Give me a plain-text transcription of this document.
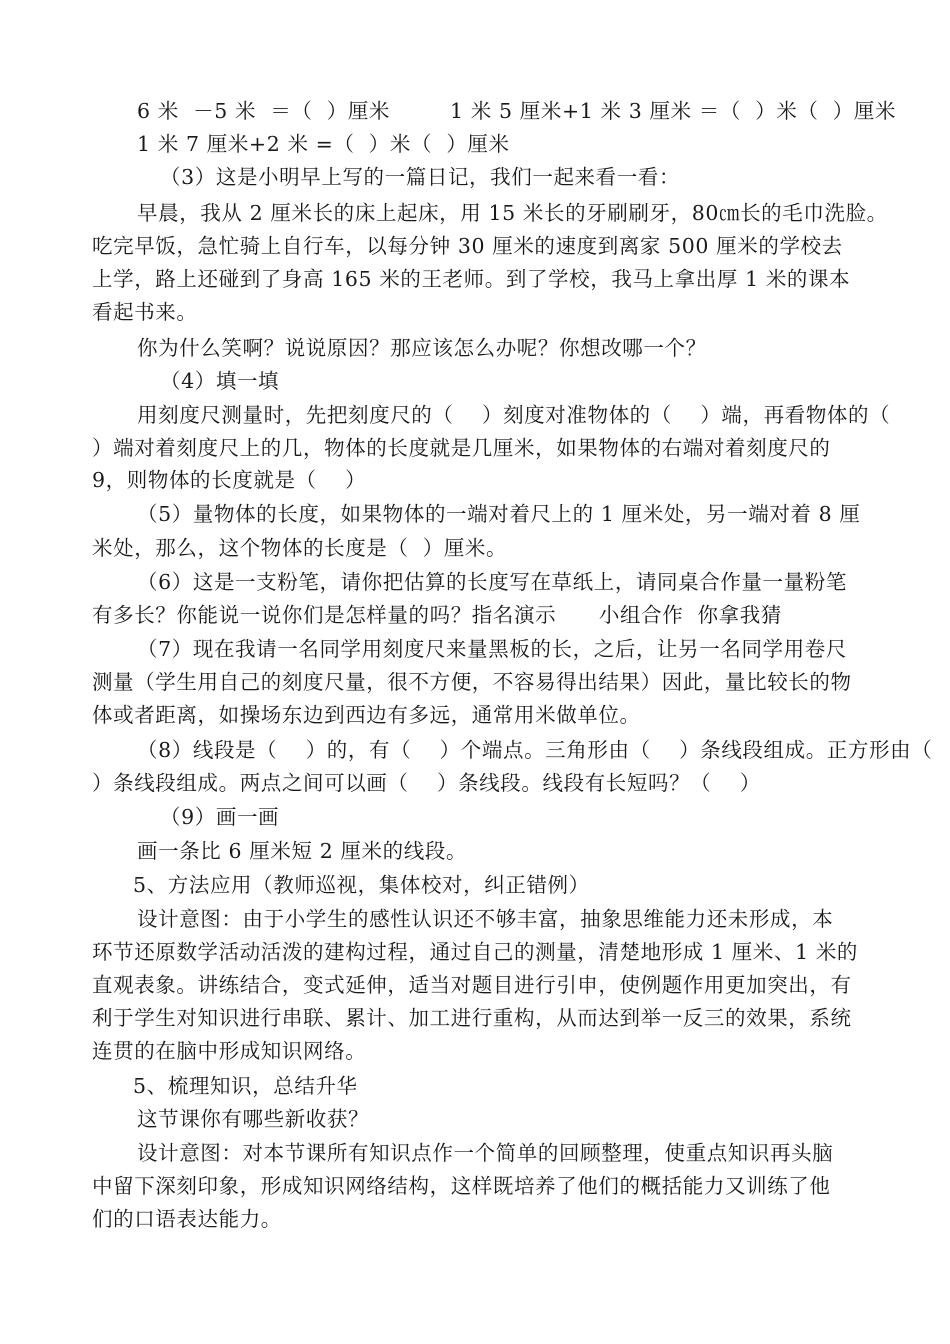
6 米  －5 米  ＝（  ）厘米	1 米 5 厘米+1 米 3 厘米 ＝（  ）米（  ）厘米
1 米 7 厘米+2 米 =（  ）米（  ）厘米
（3）这是小明早上写的一篇日记，我们一起来看一看：
早晨，我从 2 厘米长的床上起床，用 15 米长的牙刷刷牙，80㎝长的毛巾洗脸。
吃完早饭，急忙骑上自行车，以每分钟 30 厘米的速度到离家 500 厘米的学校去
上学，路上还碰到了身高 165 米的王老师。到了学校，我马上拿出厚 1 米的课本
看起书来。
你为什么笑啊？说说原因？那应该怎么办呢？你想改哪一个？
（4）填一填
用刻度尺测量时，先把刻度尺的（    ）刻度对准物体的（    ）端，再看物体的（
）端对着刻度尺上的几，物体的长度就是几厘米，如果物体的右端对着刻度尺的
9，则物体的长度就是（    ）
（5）量物体的长度，如果物体的一端对着尺上的 1 厘米处，另一端对着 8 厘
米处，那么，这个物体的长度是（  ）厘米。
（6）这是一支粉笔，请你把估算的长度写在草纸上，请同桌合作量一量粉笔
有多长？你能说一说你们是怎样量的吗？指名演示      小组合作  你拿我猜
（7）现在我请一名同学用刻度尺来量黑板的长，之后，让另一名同学用卷尺
测量（学生用自己的刻度尺量，很不方便，不容易得出结果）因此，量比较长的物
体或者距离，如操场东边到西边有多远，通常用米做单位。
（8）线段是（    ）的，有（    ）个端点。三角形由（    ）条线段组成。正方形由（
）条线段组成。两点之间可以画（    ）条线段。线段有长短吗？（    ）
（9）画一画
画一条比 6 厘米短 2 厘米的线段。
5、方法应用（教师巡视，集体校对，纠正错例）
设计意图：由于小学生的感性认识还不够丰富，抽象思维能力还未形成，本
环节还原数学活动活泼的建构过程，通过自己的测量，清楚地形成 1 厘米、1 米的
直观表象。讲练结合，变式延伸，适当对题目进行引申，使例题作用更加突出，有
利于学生对知识进行串联、累计、加工进行重构，从而达到举一反三的效果，系统
连贯的在脑中形成知识网络。
5、梳理知识，总结升华
这节课你有哪些新收获？
设计意图：对本节课所有知识点作一个简单的回顾整理，使重点知识再头脑
中留下深刻印象，形成知识网络结构，这样既培养了他们的概括能力又训练了他
们的口语表达能力。
